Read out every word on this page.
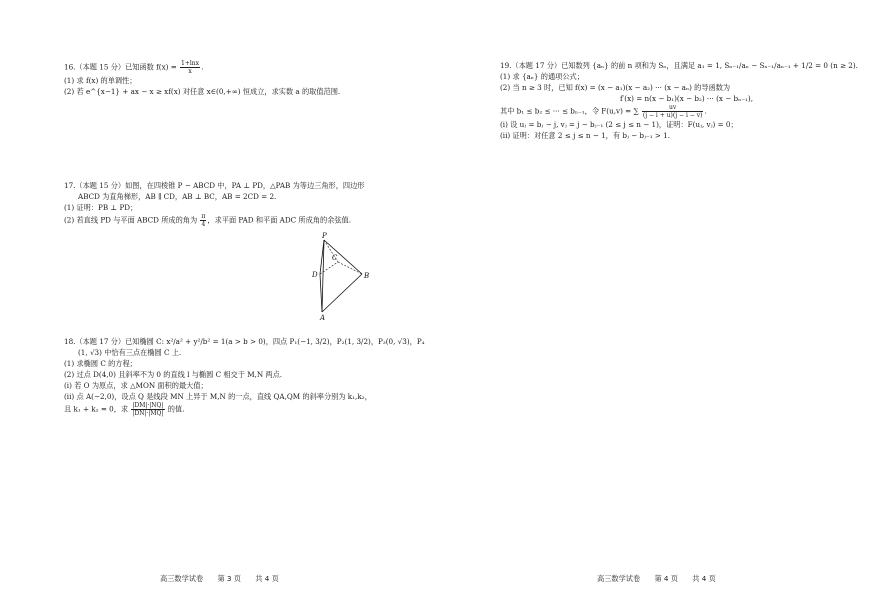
16.（本题 15 分）已知函数 $f(x) = \frac{1+\ln x}{x}$ .
(1) 求 f(x) 的单调性；
(2) 若 e^{x−1} + ax − x ≥ xf(x) 对任意 x∈(0,+∞) 恒成立，求实数 a 的取值范围.
17.（本题 15 分）如图，在四棱锥 P − ABCD 中，PA ⊥ PD，△PAB 为等边三角形，四边形
ABCD 为直角梯形，AB ∥ CD，AB ⊥ BC，AB = 2CD = 2.
(1) 证明：PB ⊥ PD；
(2) 若直线 PD 与平面 ABCD 所成的角为 $\frac{\pi}{4}$ ，求平面 PAD 和平面 ADC 所成角的余弦值.
P
C
D	B
A
18.（本题 17 分）已知椭圆 C: x²/a² + y²/b² = 1(a > b > 0)，四点 P₁(−1, 3/2)，P₂(1, 3/2)，P₃(0, √3)，P₄
(1, √3) 中恰有三点在椭圆 C 上.
(1) 求椭圆 C 的方程；
(2) 过点 D(4,0) 且斜率不为 0 的直线 l 与椭圆 C 相交于 M,N 两点.
(i) 若 O 为原点，求 △MON 面积的最大值；
(ii) 点 A(−2,0)，设点 Q 是线段 MN 上异于 M,N 的一点，直线 QA,QM 的斜率分别为 k₁,k₂，
且 k₁ + k₂ = 0，求 $\frac{|DM|\cdot|NQ|}{|DN|\cdot|MQ|}$ 的值.
高三数学试卷 第 3 页 共 4 页
19.（本题 17 分）已知数列 {aₙ} 的前 n 项和为 Sₙ，且满足 a₁ = 1, Sₙ₋₁/aₙ − Sₙ₋₁/aₙ₋₁ + 1/2 = 0 (n ≥ 2).
(1) 求 {aₙ} 的通项公式；
(2) 当 n ≥ 3 时，已知 f(x) = (x − a₁)(x − a₂) ··· (x − aₙ) 的导函数为
f′(x) = n(x − b₁)(x − b₂) ··· (x − bₙ₋₁),
其中 b₁ ≤ b₂ ≤ ··· ≤ bₙ₋₁，令 F(u,v) = ∑ $\frac{uv}{(j - i + u)(j - i - v)}$ .
(i) 设 uⱼ = bⱼ − j, vⱼ = j − bⱼ₋₁ (2 ≤ j ≤ n − 1)，证明：F(uⱼ, vⱼ) = 0；
(ii) 证明：对任意 2 ≤ j ≤ n − 1，有 bⱼ − bⱼ₋₁ > 1.
高三数学试卷 第 4 页 共 4 页
